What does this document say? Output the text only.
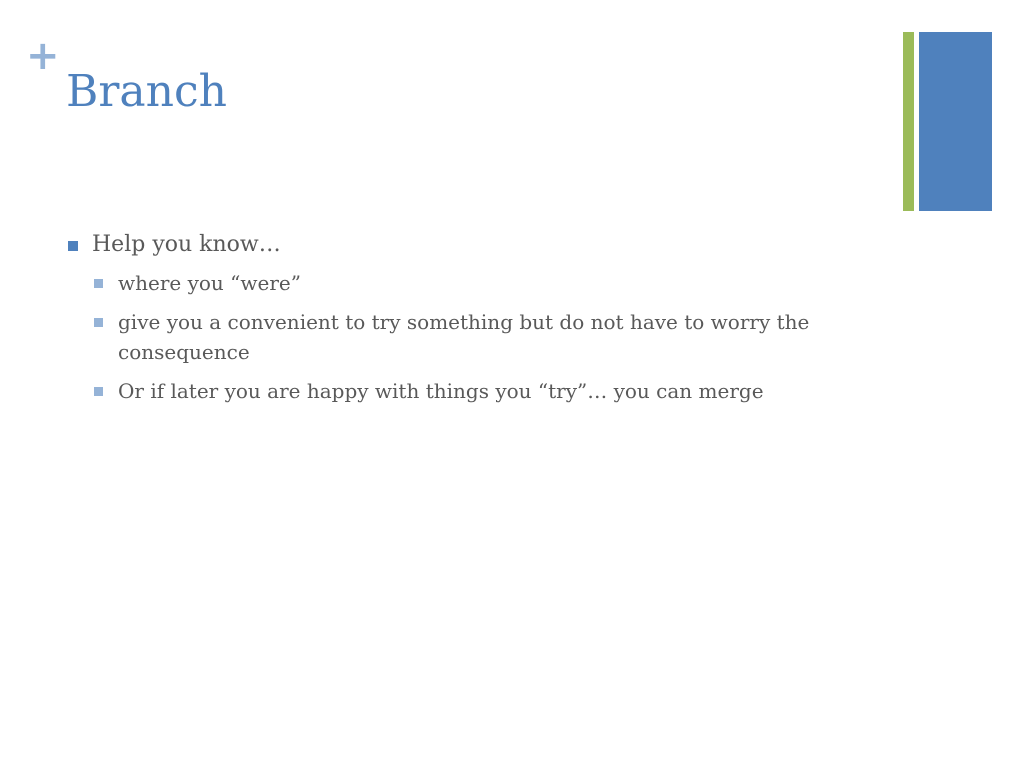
+
Branch
Help you know…
where you “were”
give you a convenient to try something but do not have to worry the consequence
Or if later you are happy with things you “try”… you can merge
